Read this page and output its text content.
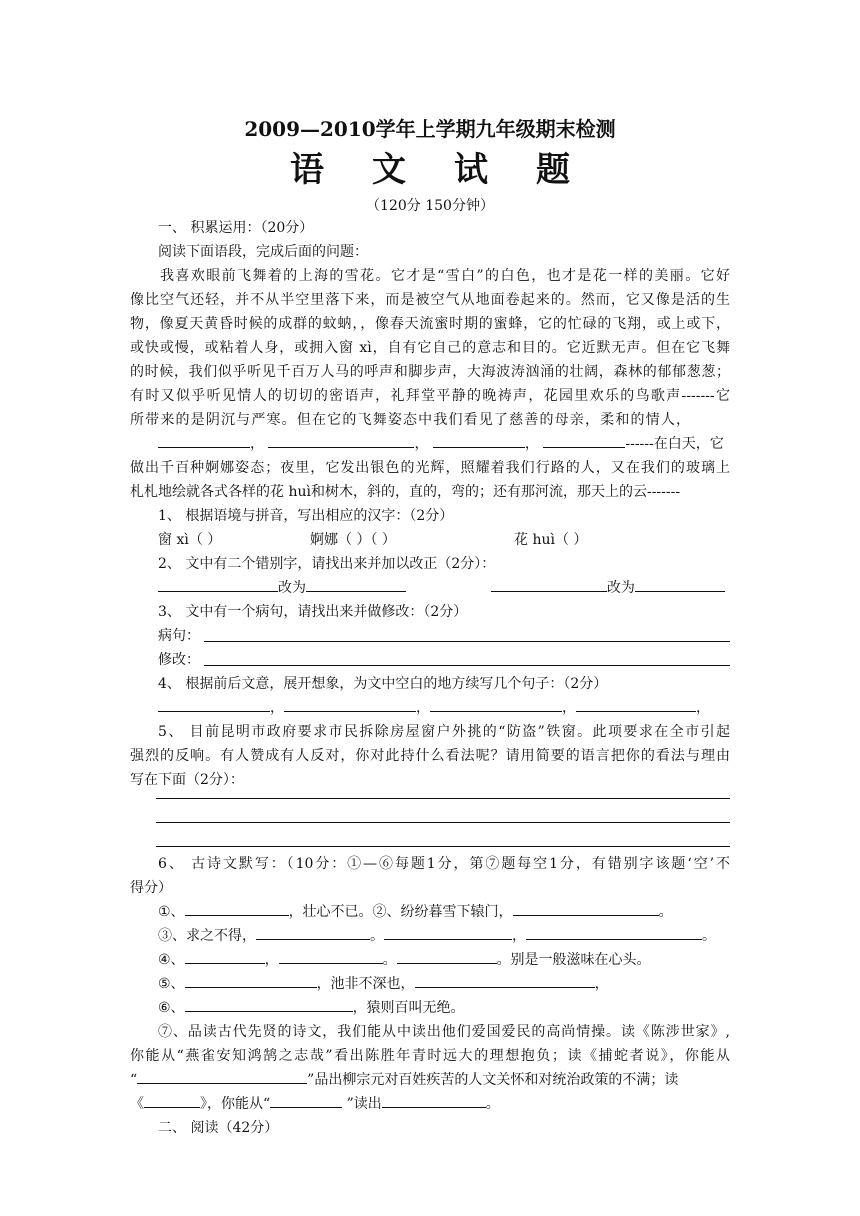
2009—2010学年上学期九年级期末检测
语文试题
（120分 150分钟）
一、 积累运用：（20分）
阅读下面语段，完成后面的问题：
我喜欢眼前飞舞着的上海的雪花。它才是“雪白”的白色，也才是花一样的美丽。它好
像比空气还轻，并不从半空里落下来，而是被空气从地面卷起来的。然而，它又像是活的生
物，像夏天黄昏时候的成群的蚊蚋，，像春天流蜜时期的蜜蜂，它的忙碌的飞翔，或上或下，
或快或慢，或粘着人身，或拥入窗 xì，自有它自己的意志和目的。它近默无声。但在它飞舞
的时候，我们似乎听见千百万人马的呼声和脚步声，大海波涛汹涌的壮阔，森林的郁郁葱葱；
有时又似乎听见情人的切切的密语声，礼拜堂平静的晚祷声，花园里欢乐的鸟歌声-------它
所带来的是阴沉与严寒。但在它的飞舞姿态中我们看见了慈善的母亲，柔和的情人，
，	，	，	------在白天，它
做出千百种婀娜姿态；夜里，它发出银色的光辉，照耀着我们行路的人，又在我们的玻璃上
札札地绘就各式各样的花 huì和树木，斜的，直的，弯的；还有那河流，那天上的云-------
1、 根据语境与拼音，写出相应的汉字：（2分）
窗 xì（ ）	婀娜（ ）（ ）	花 huì（ ）
2、 文中有二个错别字，请找出来并加以改正（2分）：
改为	改为
3、 文中有一个病句，请找出来并做修改：（2分）
病句：
修改：
4、 根据前后文意，展开想象，为文中空白的地方续写几个句子：（2分）
，	，	，	，
5、 目前昆明市政府要求市民拆除房屋窗户外挑的“防盗”铁窗。此项要求在全市引起
强烈的反响。有人赞成有人反对，你对此持什么看法呢？请用简要的语言把你的看法与理由
写在下面（2分）：
6、 古诗文默写：（10分：①—⑥每题1分，第⑦题每空1分，有错别字该题‘空’不
得分）
①、	，壮心不已。②、纷纷暮雪下辕门，	。
③、求之不得，	。	，	。
④、	，	。	。别是一般滋味在心头。
⑤、	，池非不深也，	，
⑥、	，猿则百叫无绝。
⑦、品读古代先贤的诗文，我们能从中读出他们爱国爱民的高尚情操。读《陈涉世家》,
你能从“燕雀安知鸿鹄之志哉”看出陈胜年青时远大的理想抱负；读《捕蛇者说》，你能从
“	”品出柳宗元对百姓疾苦的人文关怀和对统治政策的不满；读
《	》，你能从“	”读出	。
二、 阅读（42分）
